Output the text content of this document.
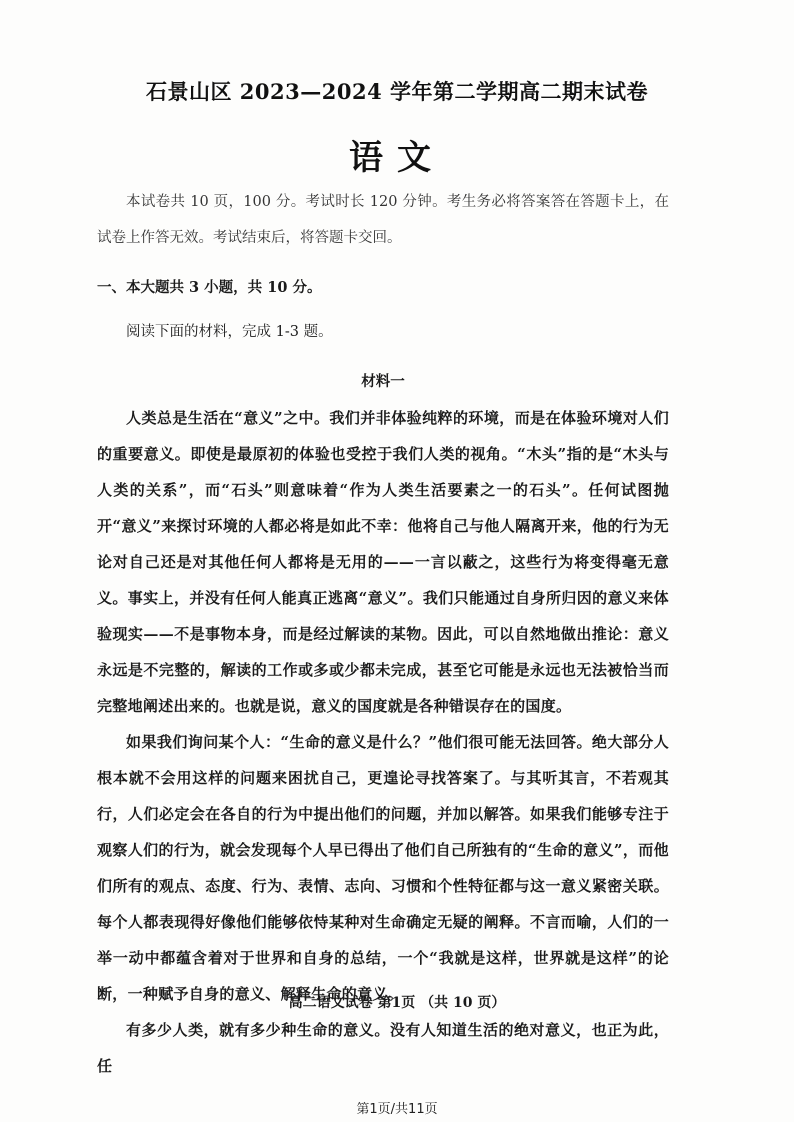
石景山区 2023—2024 学年第二学期高二期末试卷
语文

本试卷共 10 页，100 分。考试时长 120 分钟。考生务必将答案答在答题卡上，在试卷上作答无效。考试结束后，将答题卡交回。

一、本大题共 3 小题，共 10 分。

阅读下面的材料，完成 1-3 题。

材料一

人类总是生活在“意义”之中。我们并非体验纯粹的环境，而是在体验环境对人们的重要意义。即使是最原初的体验也受控于我们人类的视角。“木头”指的是“木头与人类的关系”，而“石头”则意味着“作为人类生活要素之一的石头”。任何试图抛开“意义”来探讨环境的人都必将是如此不幸：他将自己与他人隔离开来，他的行为无论对自己还是对其他任何人都将是无用的——一言以蔽之，这些行为将变得毫无意义。事实上，并没有任何人能真正逃离“意义”。我们只能通过自身所归因的意义来体验现实——不是事物本身，而是经过解读的某物。因此，可以自然地做出推论：意义永远是不完整的，解读的工作或多或少都未完成，甚至它可能是永远也无法被恰当而完整地阐述出来的。也就是说，意义的国度就是各种错误存在的国度。

如果我们询问某个人：“生命的意义是什么？”他们很可能无法回答。绝大部分人根本就不会用这样的问题来困扰自己，更遑论寻找答案了。与其听其言，不若观其行，人们必定会在各自的行为中提出他们的问题，并加以解答。如果我们能够专注于观察人们的行为，就会发现每个人早已得出了他们自己所独有的“生命的意义”，而他们所有的观点、态度、行为、表情、志向、习惯和个性特征都与这一意义紧密关联。每个人都表现得好像他们能够依恃某种对生命确定无疑的阐释。不言而喻，人们的一举一动中都蕴含着对于世界和自身的总结，一个“我就是这样，世界就是这样”的论断，一种赋予自身的意义、解释生命的意义。

有多少人类，就有多少种生命的意义。没有人知道生活的绝对意义，也正为此，任

高二语文试卷 第1页 （共 10 页）
第1页/共11页
